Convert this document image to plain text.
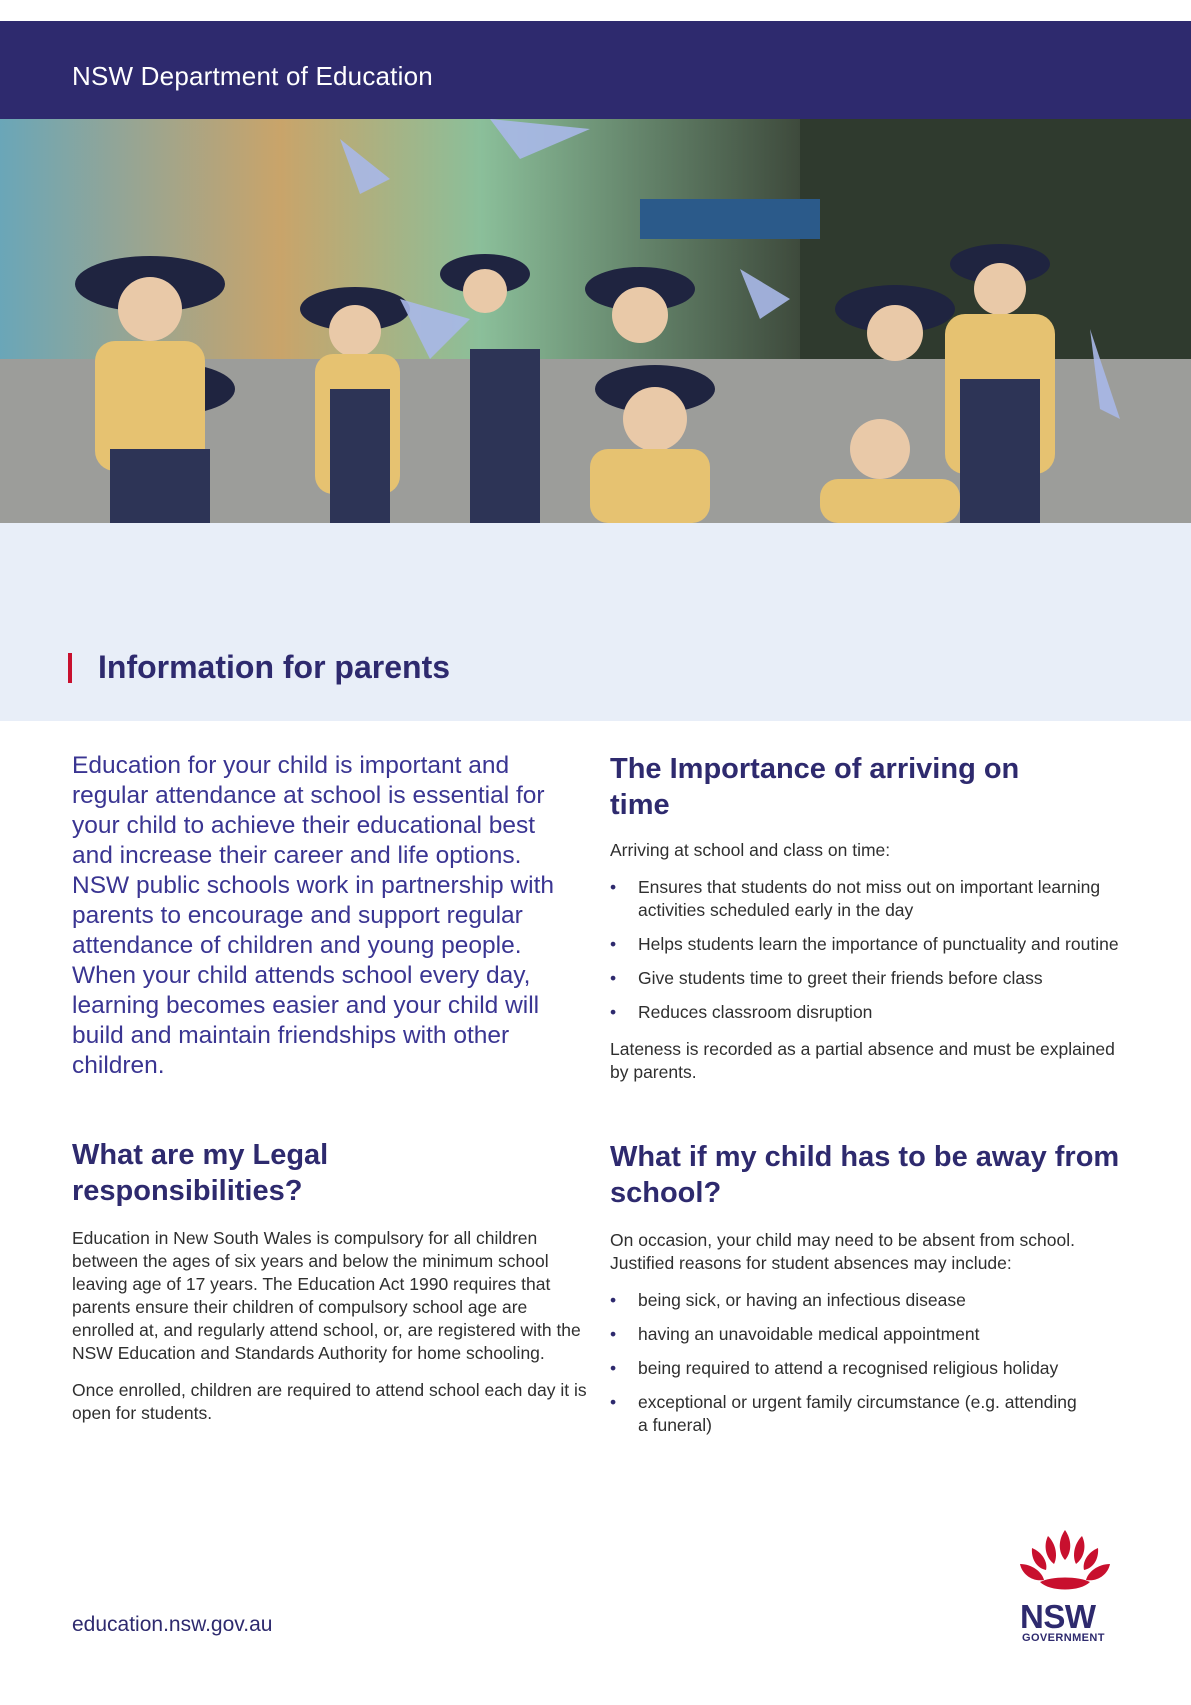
NSW Department of Education
Information for parents
Education for your child is important and regular attendance at school is essential for your child to achieve their educational best and increase their career and life options. NSW public schools work in partnership with parents to encourage and support regular attendance of children and young people. When your child attends school every day, learning becomes easier and your child will build and maintain friendships with other children.
What are my Legal responsibilities?

Education in New South Wales is compulsory for all children between the ages of six years and below the minimum school leaving age of 17 years. The Education Act 1990 requires that parents ensure their children of compulsory school age are enrolled at, and regularly attend school, or, are registered with the NSW Education and Standards Authority for home schooling.

Once enrolled, children are required to attend school each day it is open for students.

The Importance of arriving on time

Arriving at school and class on time:

• Ensures that students do not miss out on important learning activities scheduled early in the day
• Helps students learn the importance of punctuality and routine
• Give students time to greet their friends before class
• Reduces classroom disruption

Lateness is recorded as a partial absence and must be explained by parents.

What if my child has to be away from school?

On occasion, your child may need to be absent from school. Justified reasons for student absences may include:

• being sick, or having an infectious disease
• having an unavoidable medical appointment
• being required to attend a recognised religious holiday
• exceptional or urgent family circumstance (e.g. attending a funeral)
education.nsw.gov.au	NSW
GOVERNMENT
